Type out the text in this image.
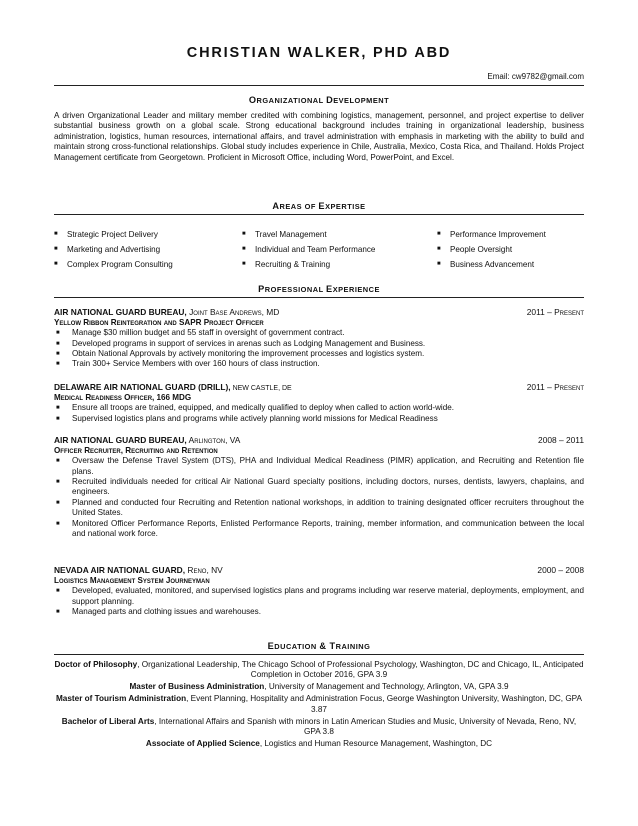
CHRISTIAN WALKER, PHD ABD
Email: cw9782@gmail.com
ORGANIZATIONAL DEVELOPMENT
A driven Organizational Leader and military member credited with combining logistics, management, personnel, and project expertise to deliver substantial business growth on a global scale. Strong educational background includes training in organizational leadership, business administration, logistics, human resources, international affairs, and travel administration with emphasis in marketing with the ability to build and maintain strong cross-functional relationships. Global study includes experience in Chile, Australia, Mexico, Costa Rica, and Thailand. Holds Project Management certificate from Georgetown. Proficient in Microsoft Office, including Word, PowerPoint, and Excel.
AREAS OF EXPERTISE
■ Strategic Project Delivery
■ Marketing and Advertising
■ Complex Program Consulting
■ Travel Management
■ Individual and Team Performance
■ Recruiting & Training
■ Performance Improvement
■ People Oversight
■ Business Advancement
PROFESSIONAL EXPERIENCE
AIR NATIONAL GUARD BUREAU, Joint Base Andrews, MD	2011 – Present
Yellow Ribbon Reintegration and SAPR Project Officer
■ Manage $30 million budget and 55 staff in oversight of government contract.
■ Developed programs in support of services in arenas such as Lodging Management and Business.
■ Obtain National Approvals by actively monitoring the improvement processes and logistics system.
■ Train 300+ Service Members with over 160 hours of class instruction.
DELAWARE AIR NATIONAL GUARD (DRILL), NEW CASTLE, DE	2011 – Present
Medical Readiness Officer, 166 MDG
■ Ensure all troops are trained, equipped, and medically qualified to deploy when called to action world-wide.
■ Supervised logistics plans and programs while actively planning world missions for Medical Readiness
AIR NATIONAL GUARD BUREAU, Arlington, VA	2008 – 2011
Officer Recruiter, Recruiting and Retention
■ Oversaw the Defense Travel System (DTS), PHA and Individual Medical Readiness (PIMR) application, and Recruiting and Retention file plans.
■ Recruited individuals needed for critical Air National Guard specialty positions, including doctors, nurses, dentists, lawyers, chaplains, and engineers.
■ Planned and conducted four Recruiting and Retention national workshops, in addition to training designated officer recruiters throughout the United States.
■ Monitored Officer Performance Reports, Enlisted Performance Reports, training, member information, and communication between the local and national work force.
NEVADA AIR NATIONAL GUARD, Reno, NV	2000 – 2008
Logistics Management System Journeyman
■ Developed, evaluated, monitored, and supervised logistics plans and programs including war reserve material, deployments, employment, and support planning.
■ Managed parts and clothing issues and warehouses.
EDUCATION & TRAINING

Doctor of Philosophy, Organizational Leadership, The Chicago School of Professional Psychology, Washington, DC and Chicago, IL, Anticipated Completion in October 2016, GPA 3.9

Master of Business Administration, University of Management and Technology, Arlington, VA, GPA 3.9

Master of Tourism Administration, Event Planning, Hospitality and Administration Focus, George Washington University, Washington, DC, GPA 3.87

Bachelor of Liberal Arts, International Affairs and Spanish with minors in Latin American Studies and Music, University of Nevada, Reno, NV, GPA 3.8

Associate of Applied Science, Logistics and Human Resource Management, Washington, DC
